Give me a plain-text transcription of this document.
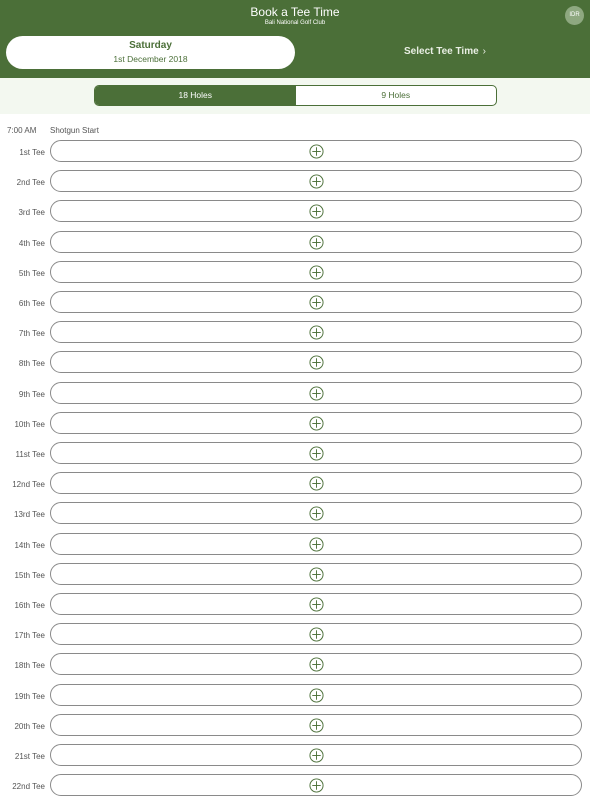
Book a Tee Time
Bali National Golf Club
IDR
Saturday
1st December 2018
Select Tee Time ›
18 Holes	9 Holes
7:00 AM Shotgun Start
1st Tee
2nd Tee
3rd Tee
4th Tee
5th Tee
6th Tee
7th Tee
8th Tee
9th Tee
10th Tee
11st Tee
12nd Tee
13rd Tee
14th Tee
15th Tee
16th Tee
17th Tee
18th Tee
19th Tee
20th Tee
21st Tee
22nd Tee
